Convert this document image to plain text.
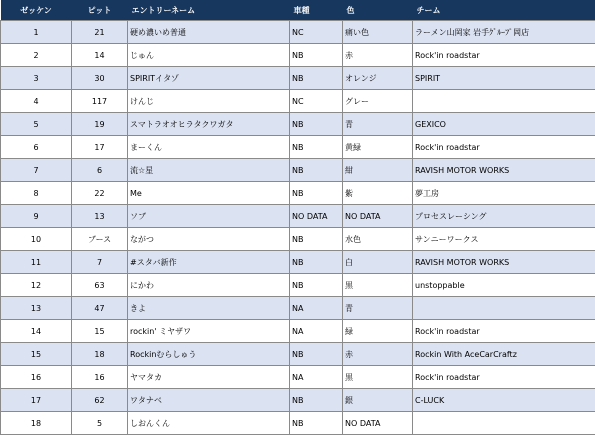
ゼッケン	ピット	エントリーネーム	車種	色	チーム
1	21	硬め濃いめ普通	NC	痛い色	ラーメン山岡家 岩手ｸﾞﾙｰﾌﾟ岡店
2	14	じゅん	NB	赤	Rock'in roadstar
3	30	SPIRITイタゾ	NB	オレンジ	SPIRIT
4	117	けんじ	NC	グレー	
5	19	スマトラオオヒラタクワガタ	NB	青	GEXICO
6	17	まーくん	NB	黄緑	Rock'in roadstar
7	6	流☆星	NB	紺	RAVISH MOTOR WORKS
8	22	Me	NB	紫	夢工房
9	13	ソブ	NO DATA	NO DATA	プロセスレーシング
10	ブース	ながつ	NB	水色	サンニーワークス
11	7	#スタバ新作	NB	白	RAVISH MOTOR WORKS
12	63	にかわ	NB	黒	unstoppable
13	47	きよ	NA	青	
14	15	rockin' ミヤザワ	NA	緑	Rock'in roadstar
15	18	Rockinむらしゅう	NB	赤	Rockin With AceCarCraftz
16	16	ヤマタカ	NA	黒	Rock'in roadstar
17	62	ワタナベ	NB	銀	C-LUCK
18	5	しおんくん	NB	NO DATA	
